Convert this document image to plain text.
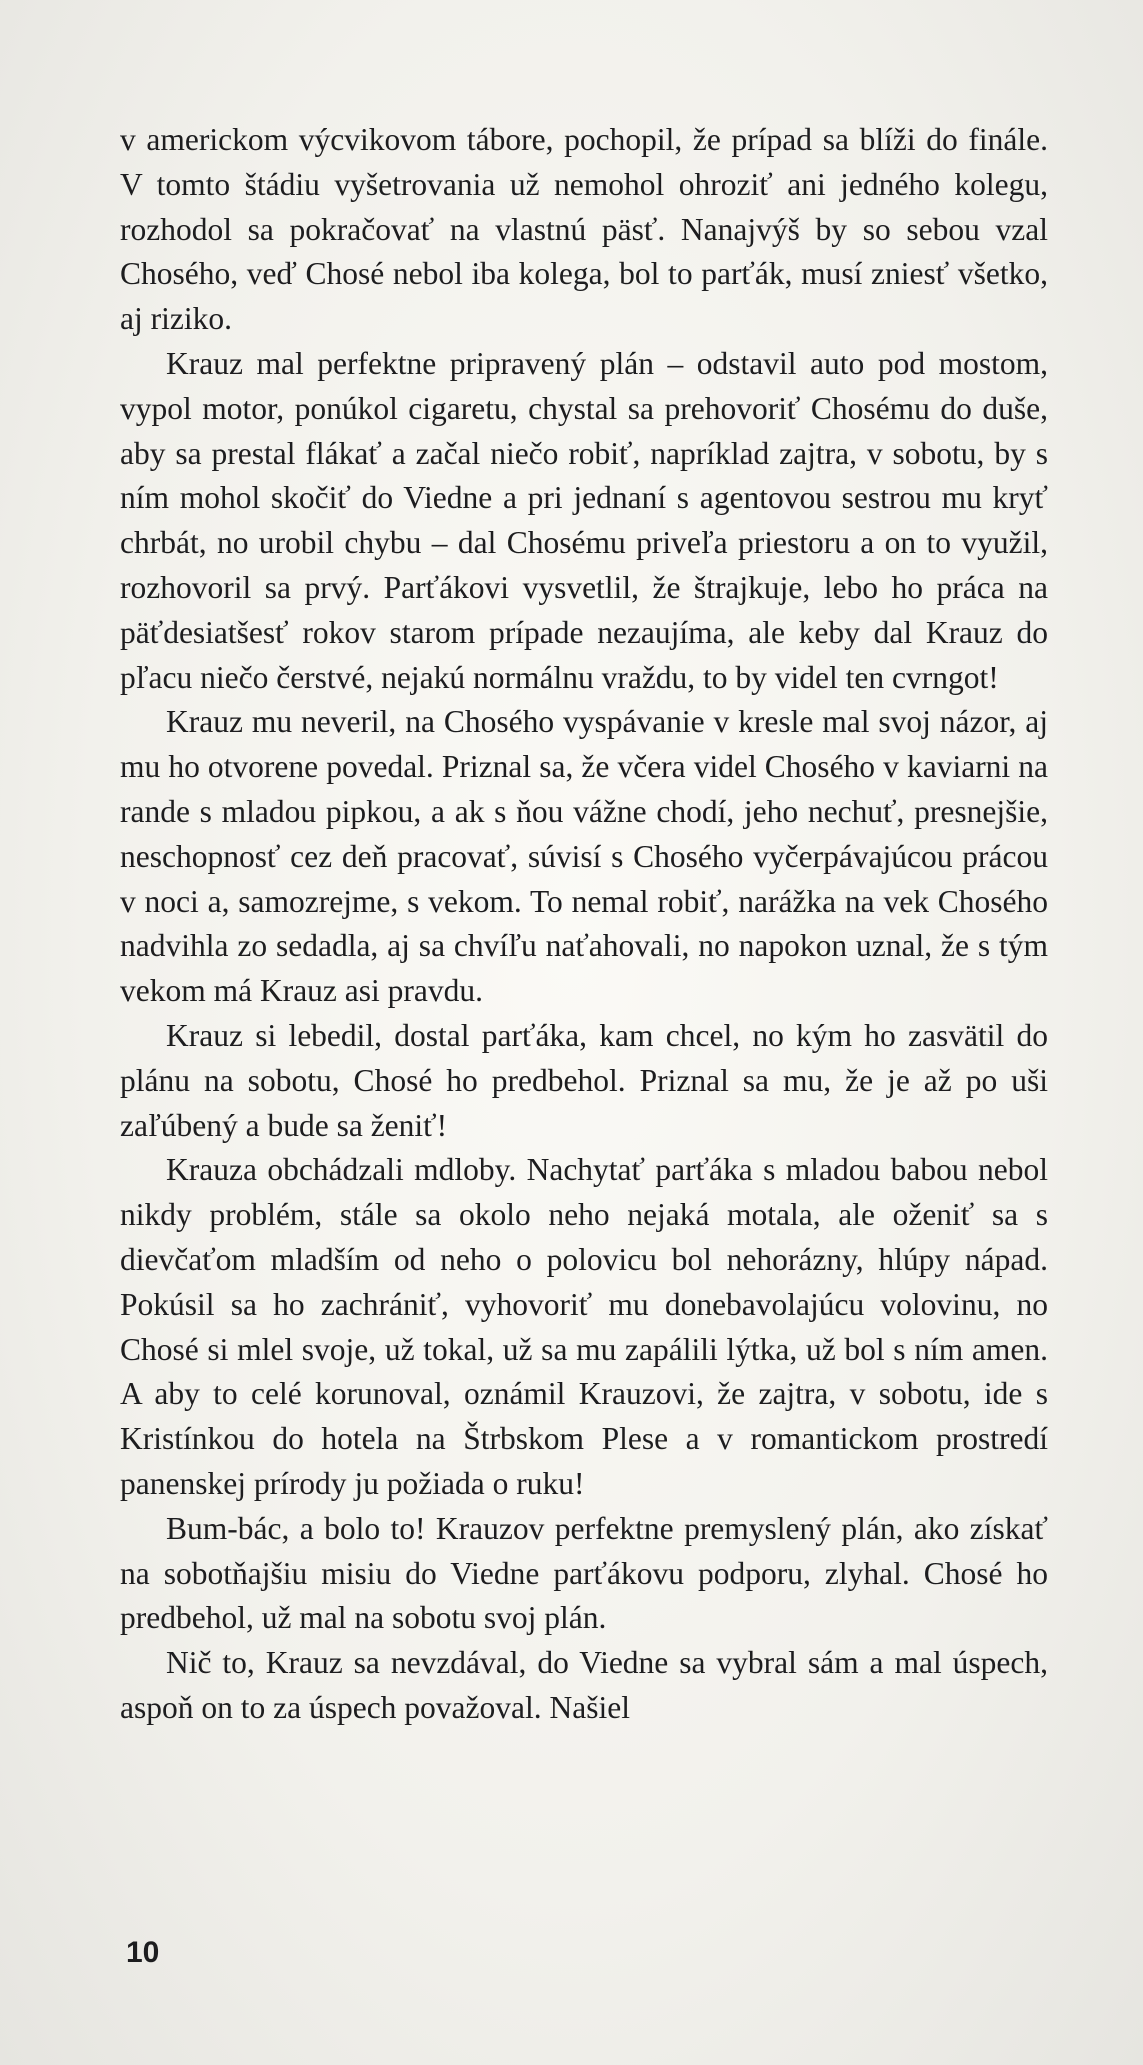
v americkom výcvikovom tábore, pochopil, že prípad sa blíži do finále. V tomto štádiu vyšetrovania už nemohol ohroziť ani jedného kolegu, rozhodol sa pokračovať na vlastnú päsť. Nanajvýš by so sebou vzal Chosého, veď Chosé nebol iba kolega, bol to parťák, musí zniesť všetko, aj riziko.

Krauz mal perfektne pripravený plán – odstavil auto pod mostom, vypol motor, ponúkol cigaretu, chystal sa prehovoriť Chosému do duše, aby sa prestal flákať a začal niečo robiť, napríklad zajtra, v sobotu, by s ním mohol skočiť do Viedne a pri jednaní s agentovou sestrou mu kryť chrbát, no urobil chybu – dal Chosému priveľa priestoru a on to využil, rozhovoril sa prvý. Parťákovi vysvetlil, že štrajkuje, lebo ho práca na päťdesiatšesť rokov starom prípade nezaujíma, ale keby dal Krauz do pľacu niečo čerstvé, nejakú normálnu vraždu, to by videl ten cvrngot!

Krauz mu neveril, na Chosého vyspávanie v kresle mal svoj názor, aj mu ho otvorene povedal. Priznal sa, že včera videl Chosého v kaviarni na rande s mladou pipkou, a ak s ňou vážne chodí, jeho nechuť, presnejšie, neschopnosť cez deň pracovať, súvisí s Chosého vyčerpávajúcou prácou v noci a, samozrejme, s vekom. To nemal robiť, narážka na vek Chosého nadvihla zo sedadla, aj sa chvíľu naťahovali, no napokon uznal, že s tým vekom má Krauz asi pravdu.

Krauz si lebedil, dostal parťáka, kam chcel, no kým ho zasvätil do plánu na sobotu, Chosé ho predbehol. Priznal sa mu, že je až po uši zaľúbený a bude sa ženiť!

Krauza obchádzali mdloby. Nachytať parťáka s mladou babou nebol nikdy problém, stále sa okolo neho nejaká motala, ale oženiť sa s dievčaťom mladším od neho o polovicu bol nehorázny, hlúpy nápad. Pokúsil sa ho zachrániť, vyhovoriť mu donebavolajúcu volovinu, no Chosé si mlel svoje, už tokal, už sa mu zapálili lýtka, už bol s ním amen. A aby to celé korunoval, oznámil Krauzovi, že zajtra, v sobotu, ide s Kristínkou do hotela na Štrbskom Plese a v romantickom prostredí panenskej prírody ju požiada o ruku!

Bum-bác, a bolo to! Krauzov perfektne premyslený plán, ako získať na sobotňajšiu misiu do Viedne parťákovu podporu, zlyhal. Chosé ho predbehol, už mal na sobotu svoj plán.

Nič to, Krauz sa nevzdával, do Viedne sa vybral sám a mal úspech, aspoň on to za úspech považoval. Našiel

10
